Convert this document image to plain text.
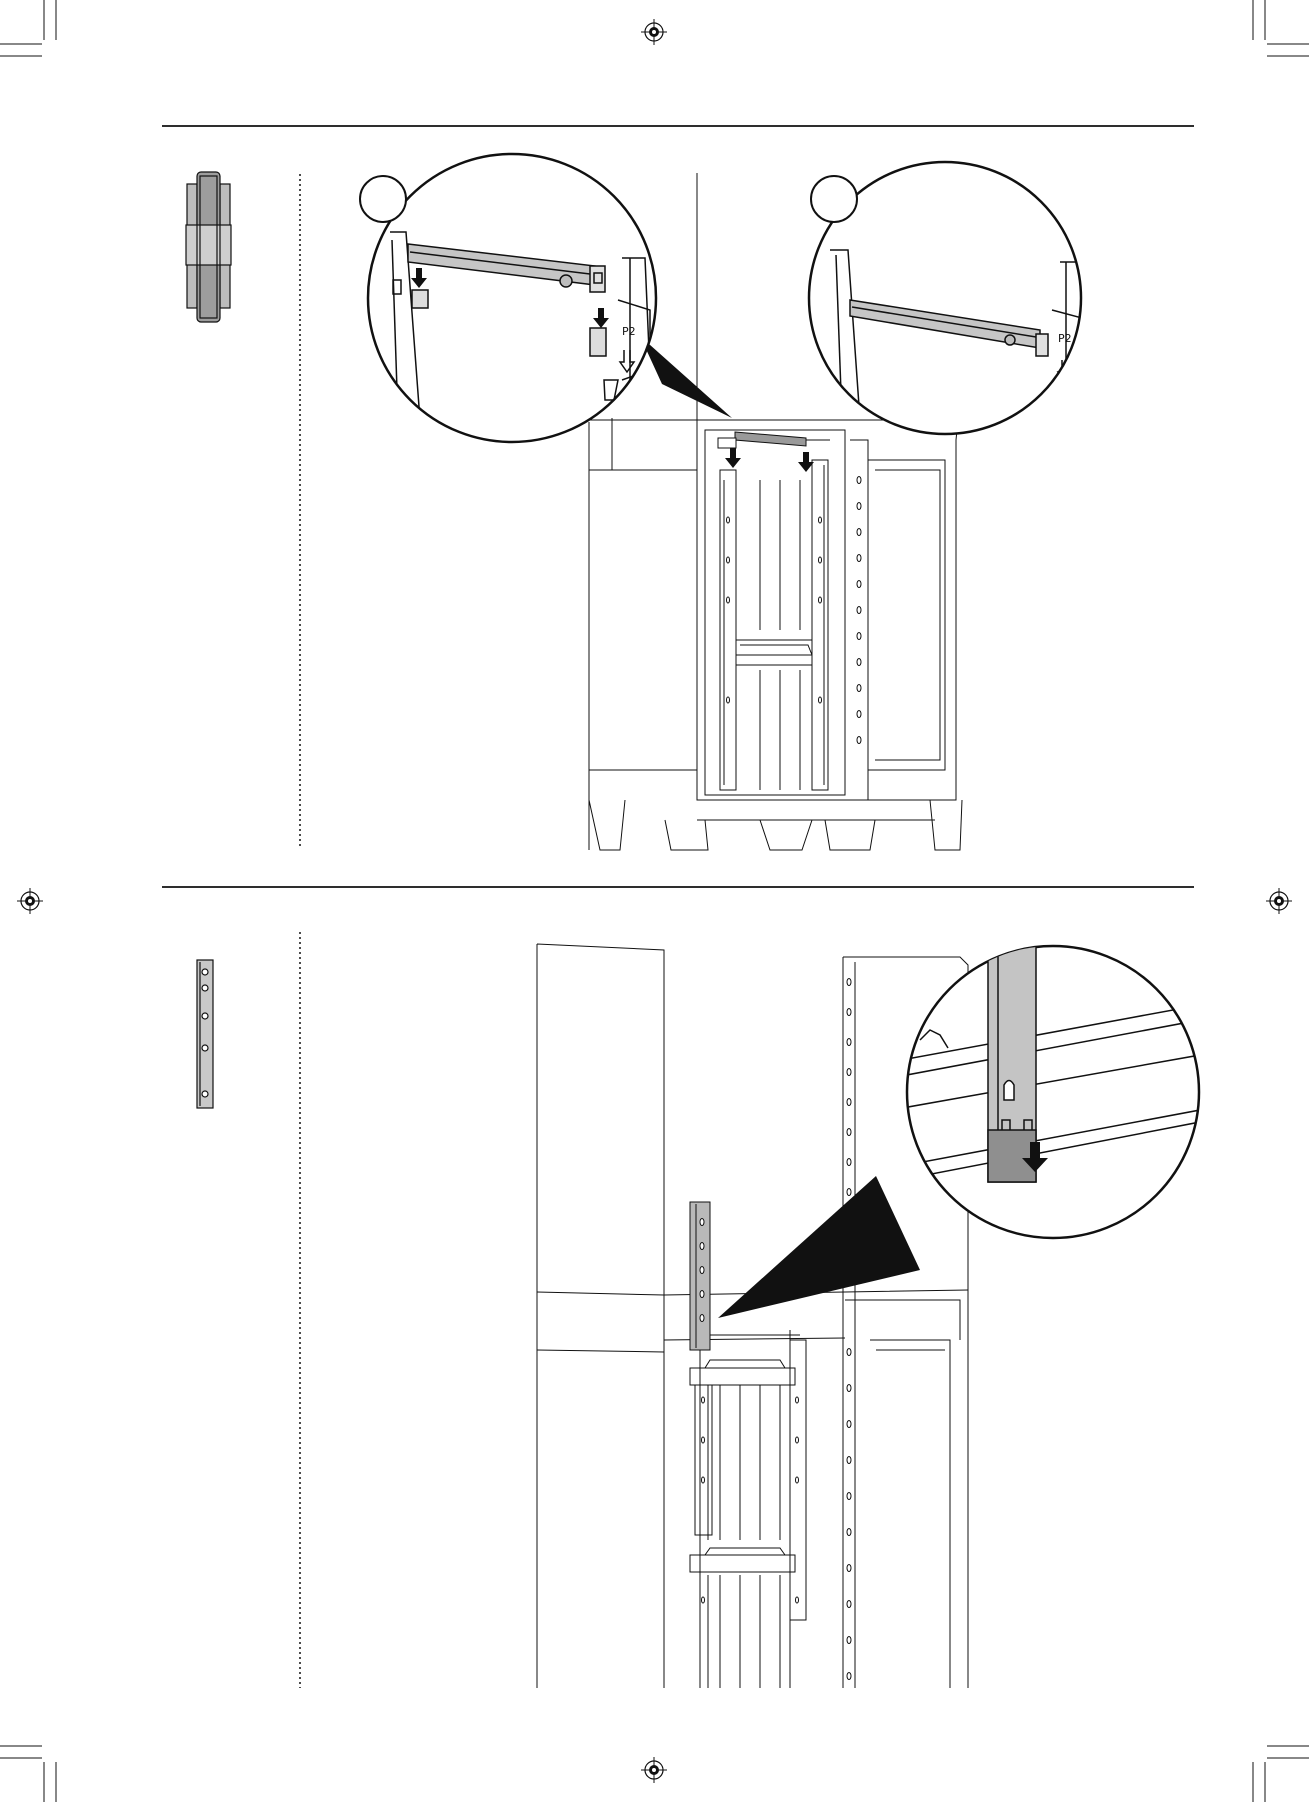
P2
P2
